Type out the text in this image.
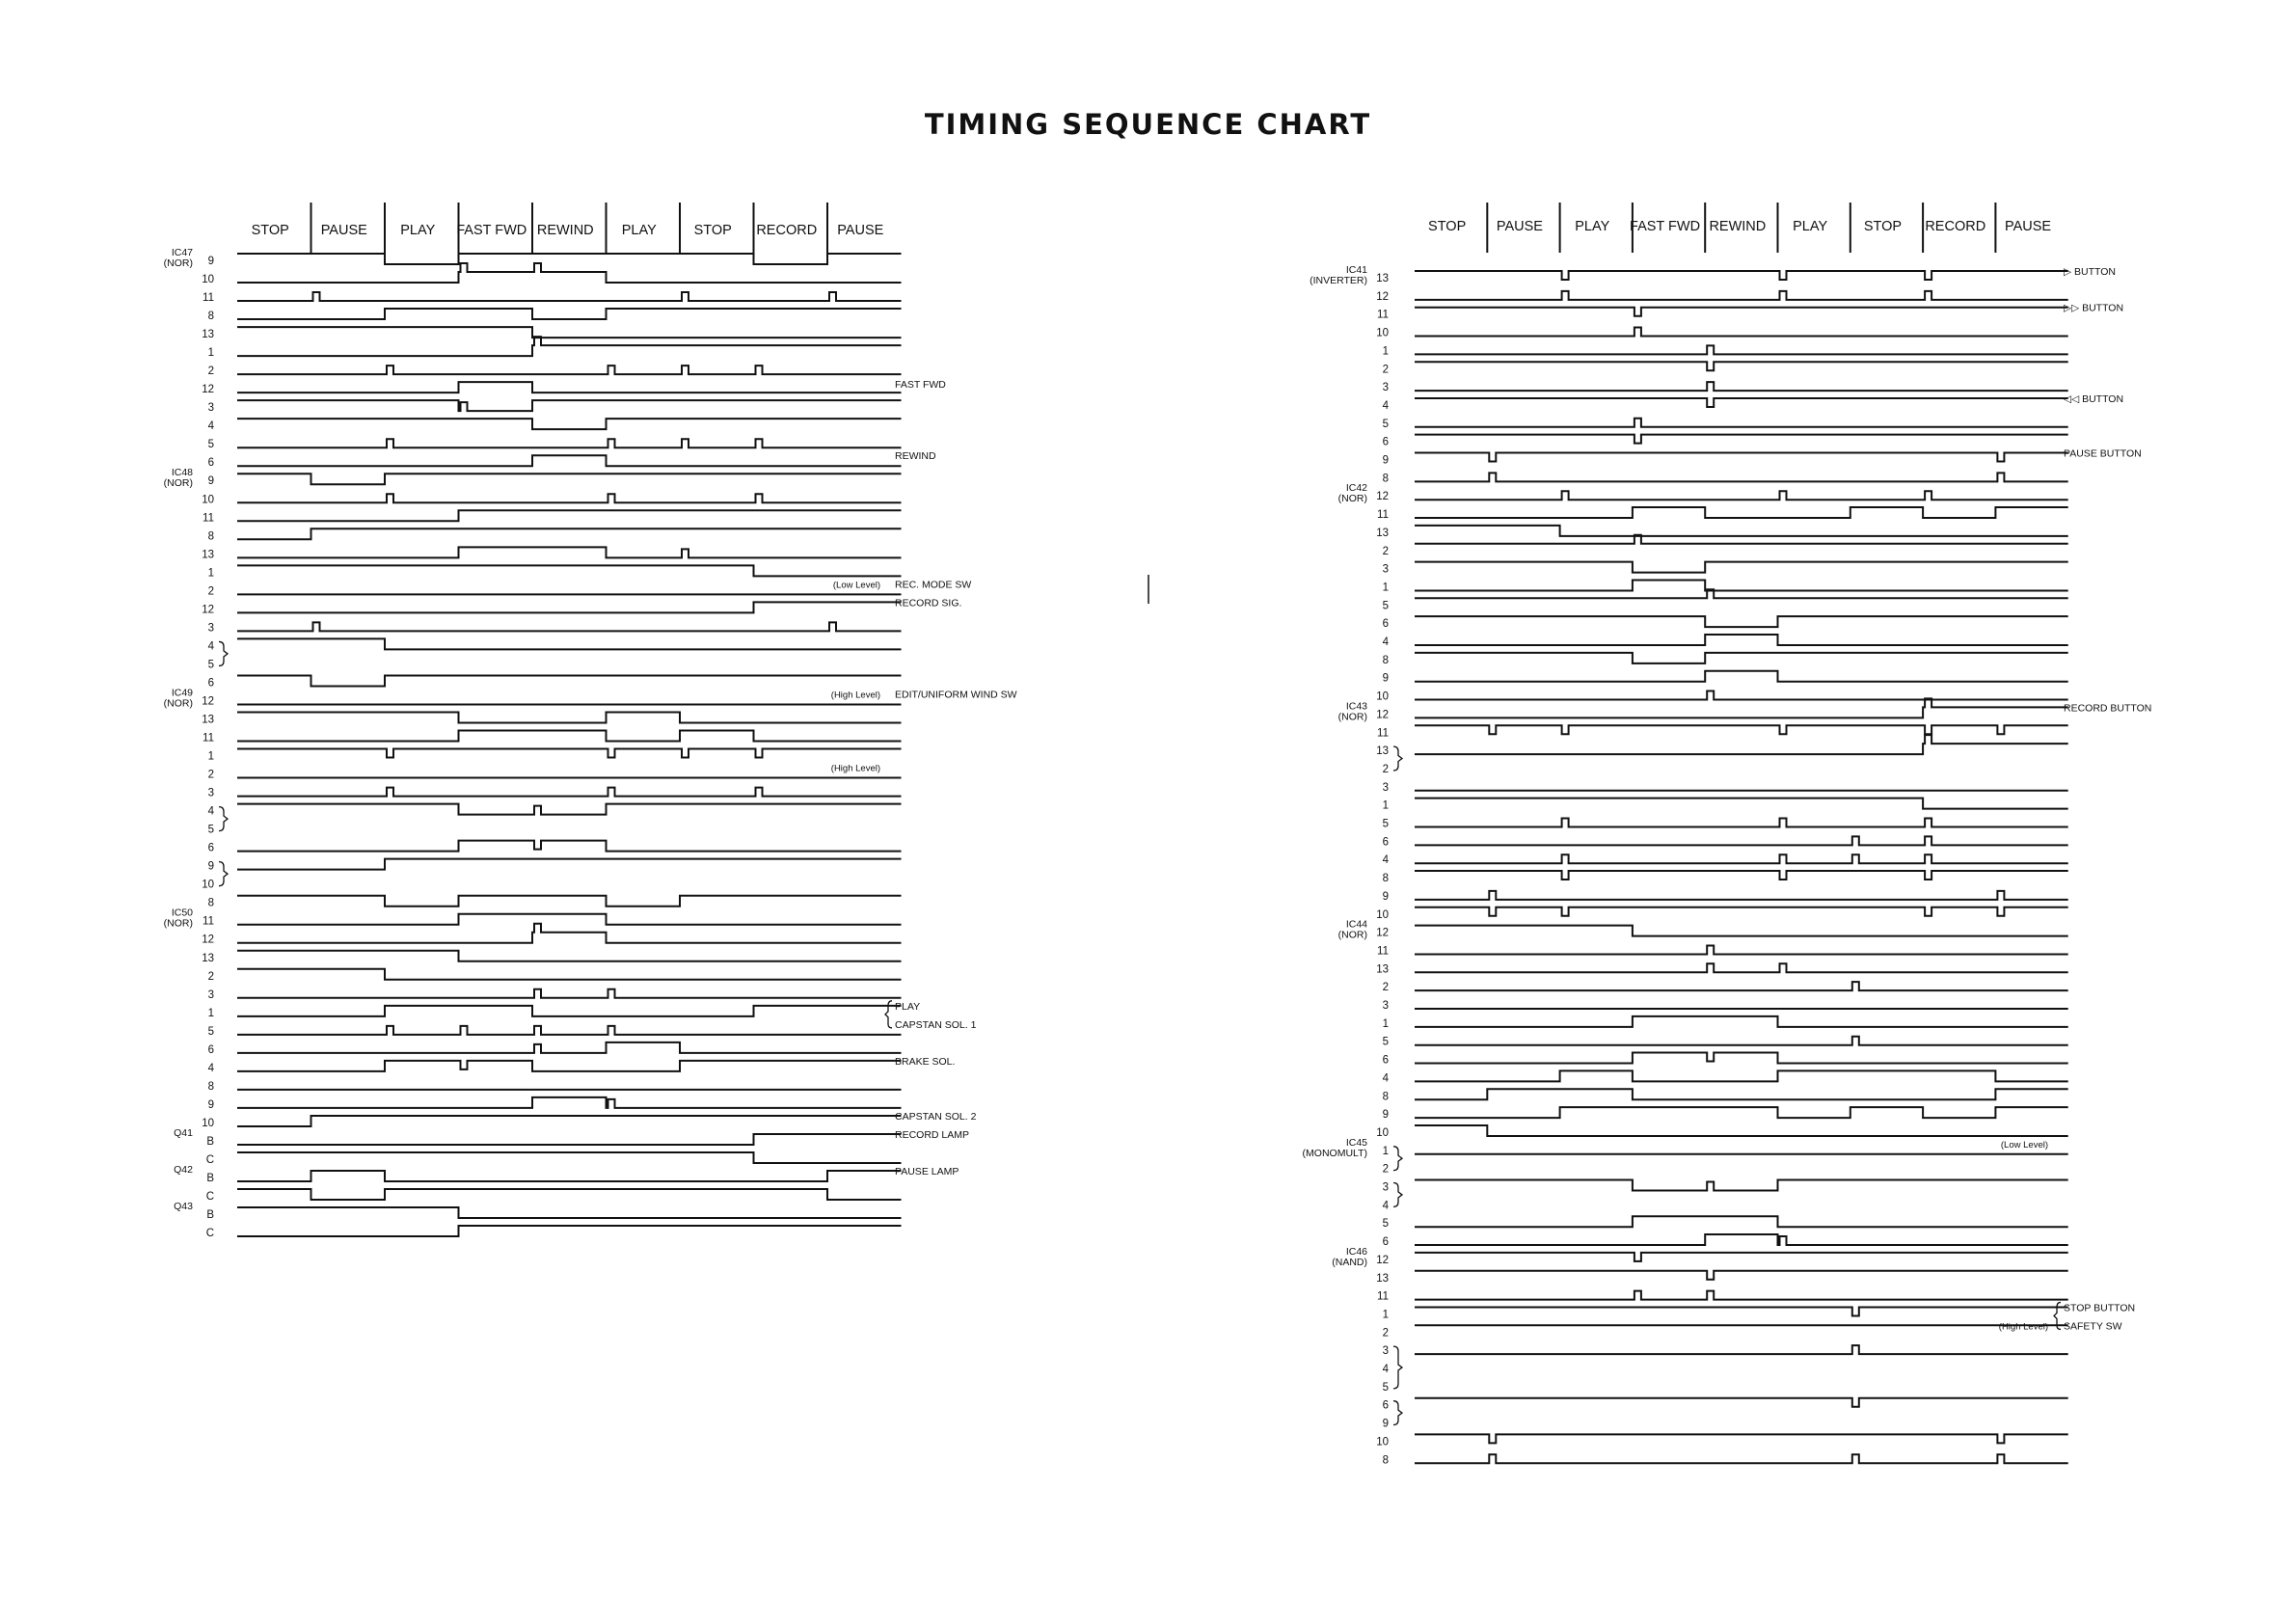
TIMING SEQUENCE CHART
STOP PAUSE PLAY FAST FWD REWIND PLAY	STOP RECORD PAUSE
IC47
(NOR) 9
10
11
8
13
1
2
12
3
4
5
6
REWIND
IC48
(NOR) 9
10
11
8
13
1
2
(Low Level) REC. MODE SW
12
RECORD SIG.
3
4
5
6
IC49
(NOR) 12
(High Level) EDIT/UNIFORM WIND SW
13
11
1
2
(High Level)
3
4
5
6
9
10
8
IC50
(NOR) 11
12
13
2
3
1
PLAY
5
CAPSTAN SOL. 1
6
4
BRAKE SOL.
8
9
10
CAPSTAN SOL. 2
Q41
B
RECORD LAMP
C
Q42
B
PAUSE LAMP
C
Q43
B
C
STOP PAUSE PLAY FAST FWD REWIND PLAY	STOP RECORD PAUSE
IC41
(INVERTER) 13
▷ BUTTON
12
11
▷▷ BUTTON
10
1
2
3
4
◁◁ BUTTON
5
6
9
PAUSE BUTTON
8
IC42
(NOR) 12
11
13
2
3
1
5
6
4
8
9
10
IC43
(NOR) 12
RECORD BUTTON
11
13
2
3
1
5
6
4
8
9
10
IC44
(NOR) 12
11
13
2
3
1
5
6
4
8
9
10
IC45
(MONOMULT) 1
(Low Level)
2
3
4
5
6
IC46
(NAND) 12
13
11
1
STOP BUTTON
2
(High Level) SAFETY SW
3
4
5
6
9
10
8
FAST FWD
